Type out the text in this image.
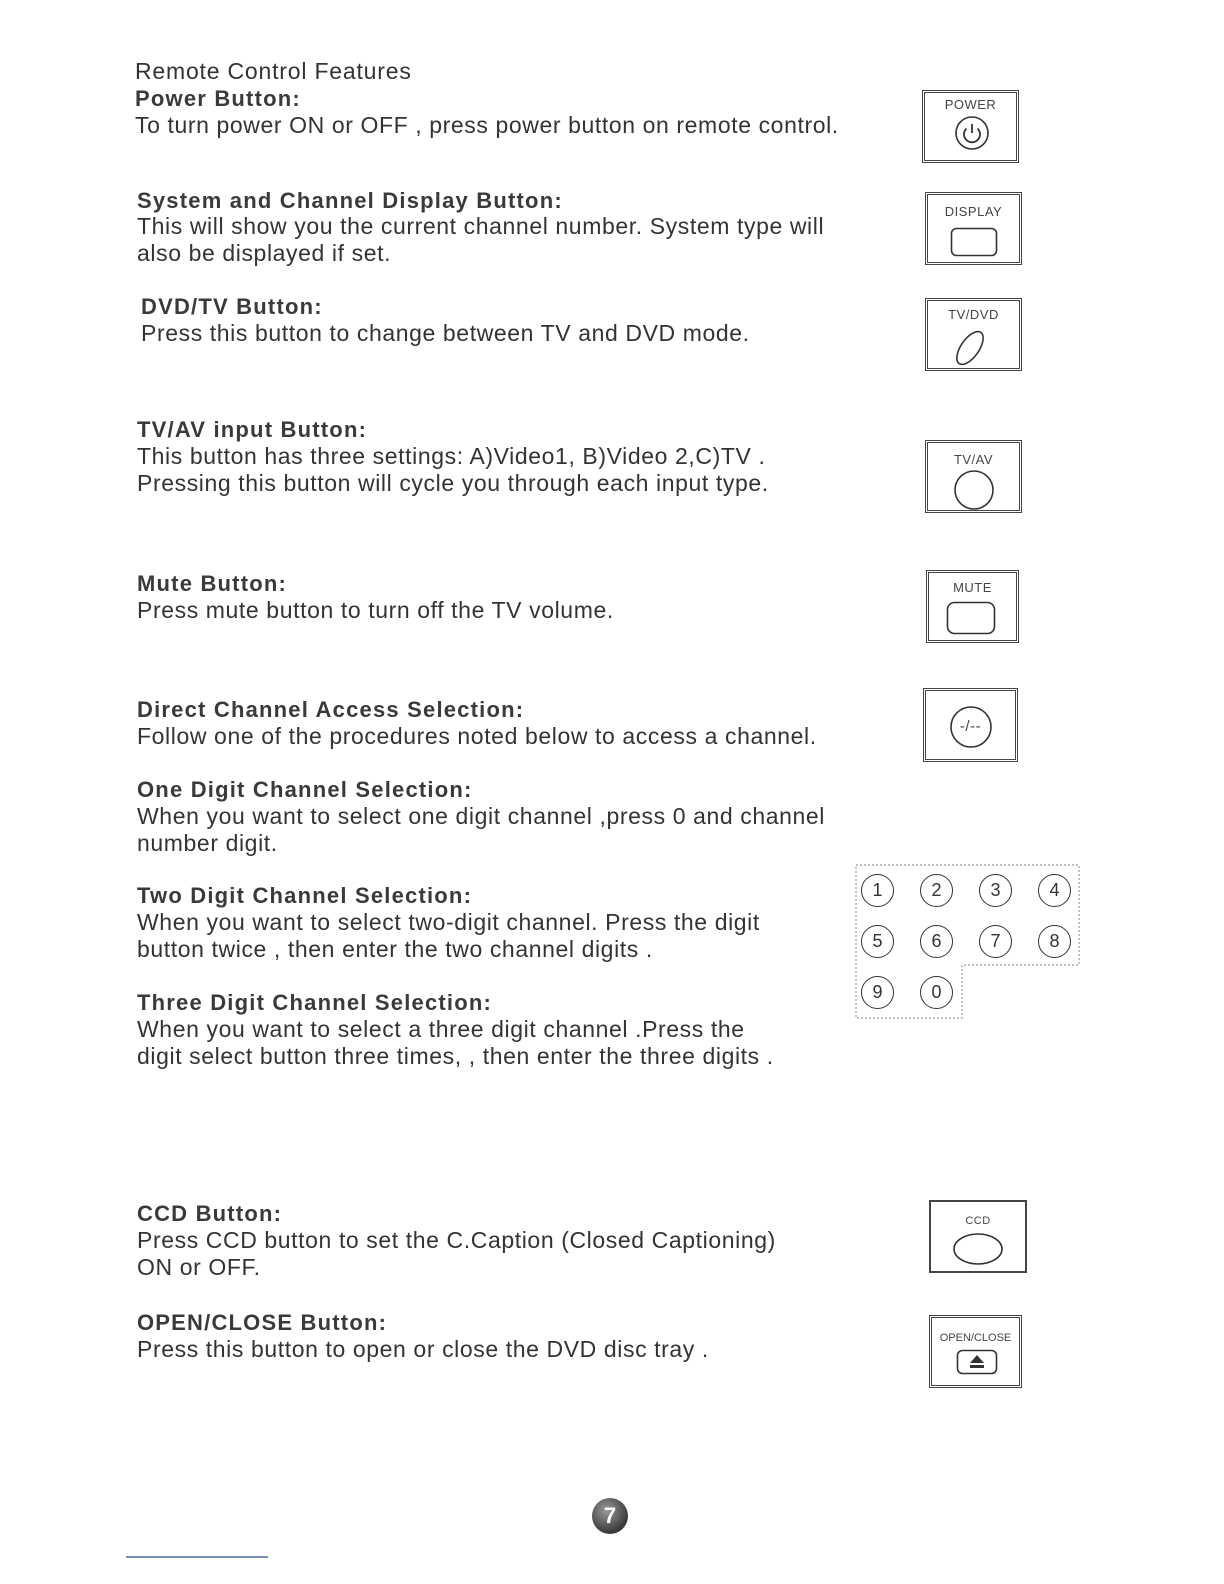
Remote Control Features
Power Button:
To turn power ON or OFF , press power button on remote control.
POWER
System and Channel Display Button:
This will show you the current channel number. System type will
also be displayed if set.
DISPLAY
DVD/TV Button:
Press this button to change between TV and DVD mode.
TV/DVD
TV/AV input Button:
This button has three settings: A)Video1, B)Video 2,C)TV .
Pressing this button will cycle you through each input type.
TV/AV
Mute Button:
Press mute button to turn off the TV volume.
MUTE
Direct Channel Access Selection:
Follow one of the procedures noted below to access a channel.	-/--
One Digit Channel Selection:
When you want to select one digit channel ,press 0 and channel
number digit.
Two Digit Channel Selection:
When you want to select two-digit channel. Press the digit
button twice , then enter the two channel digits .
Three Digit Channel Selection:
When you want to select a three digit channel .Press the
digit select button three times, , then enter the three digits .
1	2	3	4
5	6	7	8
9	0
CCD Button:
Press CCD button to set the C.Caption (Closed Captioning)
ON or OFF.
CCD
OPEN/CLOSE Button:
Press this button to open or close the DVD disc tray .	OPEN/CLOSE
7
